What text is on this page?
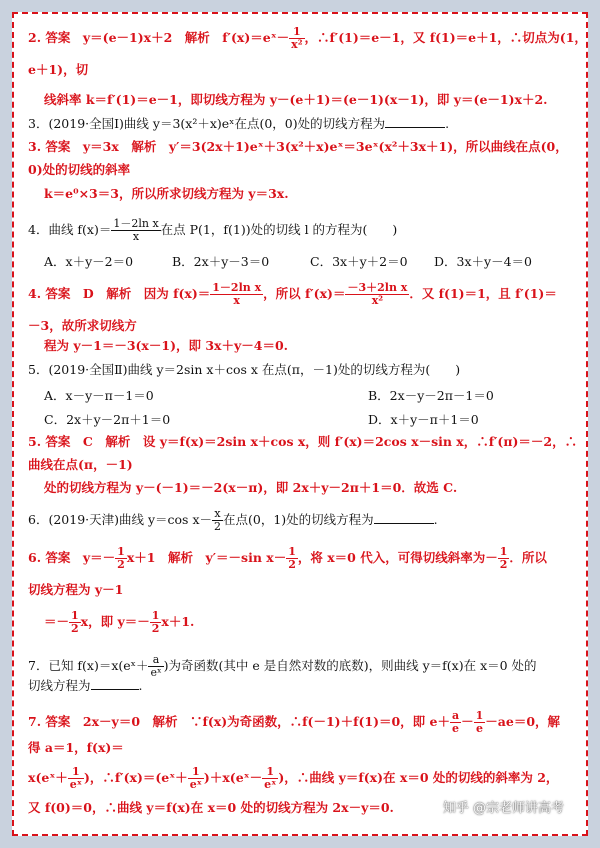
2. 答案　y＝(e－1)x＋2　解析　f′(x)＝eˣ－ $\frac{1}{\text{x²}}$ ，∴f′(1)＝e－1，又 f(1)＝e＋1，∴切点为(1，
e＋1)，切
线斜率 k＝f′(1)＝e－1，即切线方程为 y－(e＋1)＝(e－1)(x－1)，即 y＝(e－1)x＋2.
3．(2019·全国Ⅰ)曲线 y＝3(x²＋x)eˣ在点(0，0)处的切线方程为	.
3. 答案　y＝3x　解析　y′＝3(2x＋1)eˣ＋3(x²＋x)eˣ＝3eˣ(x²＋3x＋1)，所以曲线在点(0，
0)处的切线的斜率
k＝e⁰×3＝3，所以所求切线方程为 y＝3x.
4．曲线 $f(x)= \frac{\text{1－2ln x}}{x}$ 在点 P(1，f(1))处的切线 l 的方程为(　　)
A．x＋y－2＝0	B．2x＋y－3＝0	C．3x＋y＋2＝0 D．3x＋y－4＝0
4. 答案　D　解析　因为 $f(x)= \frac{\text{1－2ln x}}{x}$ ，所以 $f'(x)= \frac{\text{－3＋2ln x}}{\text{x²}}$ ．又 f(1)＝1，且 f′(1)＝
－3，故所求切线方
程为 y－1＝－3(x－1)，即 3x＋y－4＝0.
5．(2019·全国Ⅱ)曲线 y＝2sin x＋cos x 在点(π，－1)处的切线方程为(　　)
A．x－y－π－1＝0	B．2x－y－2π－1＝0
C．2x＋y－2π＋1＝0	D．x＋y－π＋1＝0
5. 答案　C　解析　设 y＝f(x)＝2sin x＋cos x，则 f′(x)＝2cos x－sin x，∴f′(π)＝－2，∴
曲线在点(π，－1)
处的切线方程为 y－(－1)＝－2(x－π)，即 2x＋y－2π＋1＝0．故选 C.
6．(2019·天津)曲线 y＝cos $x- \frac{x}{2}$ 在点(0，1)处的切线方程为	.
6. 答案　$y=- \frac{1}{2} x+1$　解析　y′＝－sin $x- \frac{1}{2}$ ，将 x＝0 代入，可得切线斜率为－ $\frac{1}{2}$ ．所以
切线方程为 y－1
＝－ $\frac{1}{2}$ x，即 $y=- \frac{1}{2} x+1$.
7．已知 f(x)＝x(eˣ＋ $\frac{a}{\text{eˣ}}$ )为奇函数(其中 e 是自然对数的底数)，则曲线 y＝f(x)在 x＝0 处的
切线方程为	.
7. 答案　2x－y＝0　解析　∵f(x)为奇函数，∴f(－1)＋f(1)＝0，即 $e+ \frac{a}{e} - \frac{1}{e} -ae=0$，解
得 a＝1，f(x)＝
x(eˣ＋ $\frac{1}{\text{eˣ}}$ )，∴f′(x)＝(eˣ＋ $\frac{1}{\text{eˣ}}$ )＋x(eˣ－ $\frac{1}{\text{eˣ}}$ )，∴曲线 y＝f(x)在 x＝0 处的切线的斜率为 2，
又 f(0)＝0，∴曲线 y＝f(x)在 x＝0 处的切线方程为 2x－y＝0.	知乎 @宗老师讲高考
